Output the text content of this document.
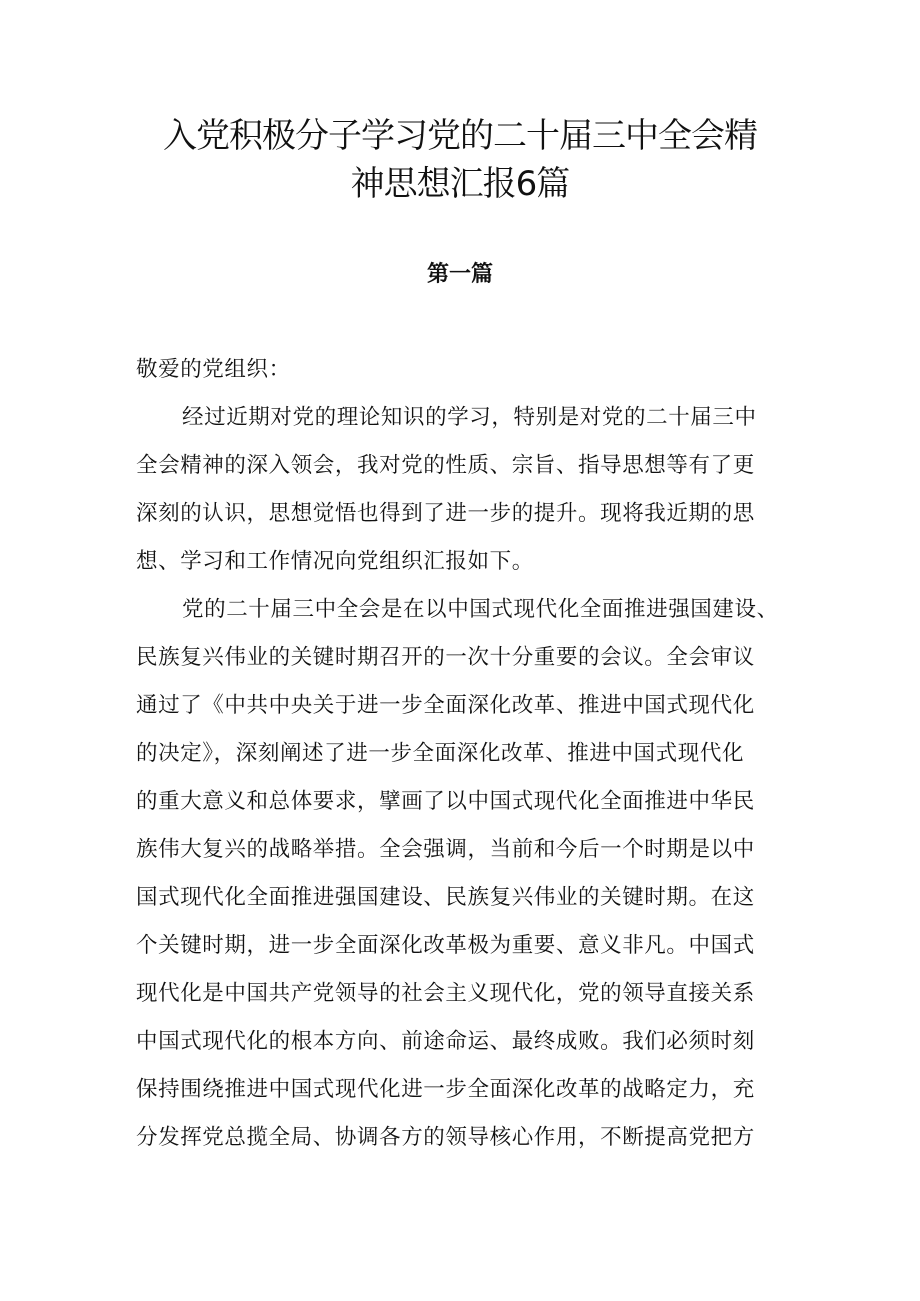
入党积极分子学习党的二十届三中全会精
神思想汇报6篇
第一篇
敬爱的党组织：
经过近期对党的理论知识的学习，特别是对党的二十届三中
全会精神的深入领会，我对党的性质、宗旨、指导思想等有了更
深刻的认识，思想觉悟也得到了进一步的提升。现将我近期的思
想、学习和工作情况向党组织汇报如下。
党的二十届三中全会是在以中国式现代化全面推进强国建设、
民族复兴伟业的关键时期召开的一次十分重要的会议。全会审议
通过了《中共中央关于进一步全面深化改革、推进中国式现代化
的决定》，深刻阐述了进一步全面深化改革、推进中国式现代化
的重大意义和总体要求，擘画了以中国式现代化全面推进中华民
族伟大复兴的战略举措。全会强调，当前和今后一个时期是以中
国式现代化全面推进强国建设、民族复兴伟业的关键时期。在这
个关键时期，进一步全面深化改革极为重要、意义非凡。中国式
现代化是中国共产党领导的社会主义现代化，党的领导直接关系
中国式现代化的根本方向、前途命运、最终成败。我们必须时刻
保持围绕推进中国式现代化进一步全面深化改革的战略定力，充
分发挥党总揽全局、协调各方的领导核心作用，不断提高党把方
